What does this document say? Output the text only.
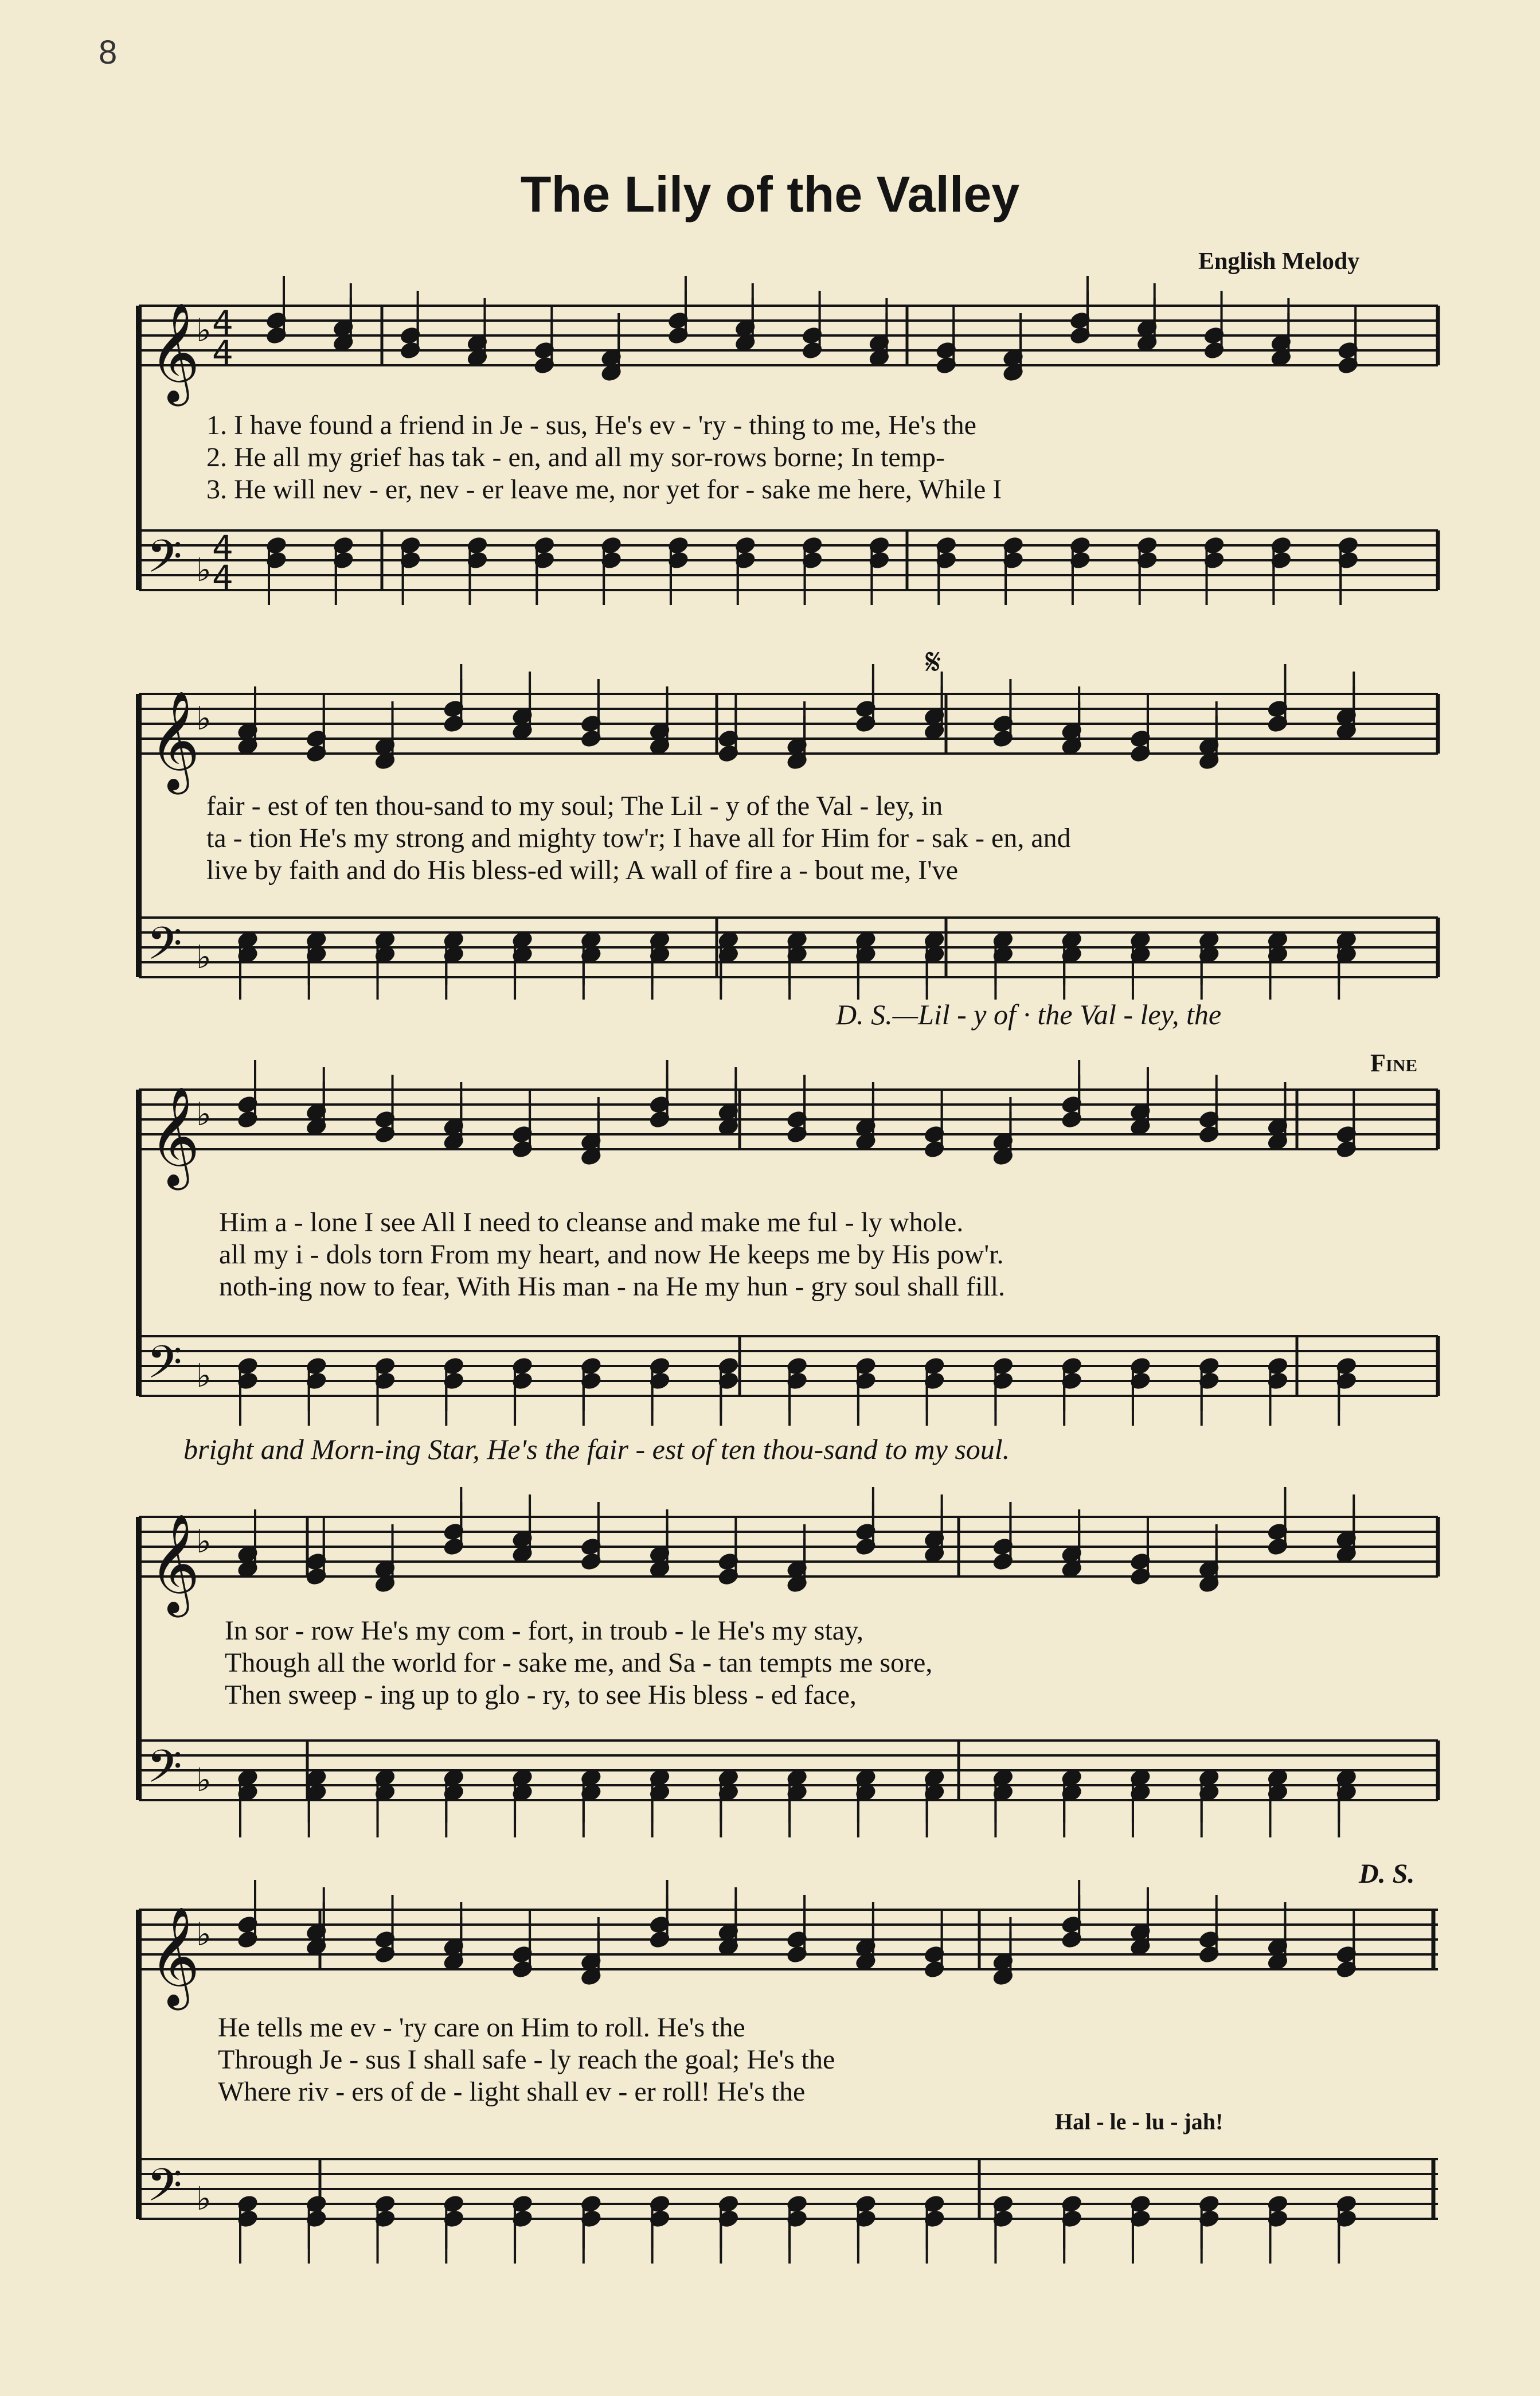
8
The Lily of the Valley
English Melody
𝄞
𝄢
♭
♭
4
4
4
4
𝄞
𝄢
♭
♭
𝄞
𝄢
♭
♭
𝄞
𝄢
♭
♭
𝄞
𝄢
♭
♭
1. I have found a friend in Je - sus, He's ev - 'ry - thing to me, He's the
2. He all my grief has tak - en, and all my sor-rows borne; In temp-
3. He will nev - er, nev - er leave me, nor yet for - sake me here, While I
fair - est of ten thou-sand to my soul; The Lil - y of the Val - ley, in
ta - tion He's my strong and mighty tow'r; I have all for Him for - sak - en, and
live by faith and do His bless-ed will; A wall of fire a - bout me, I've
D. S.—Lil - y of · the Val - ley, the
Fine
𝄋
Him a - lone I see All I need to cleanse and make me ful - ly whole.
all my i - dols torn From my heart, and now He keeps me by His pow'r.
noth-ing now to fear, With His man - na He my hun - gry soul shall fill.
bright and Morn-ing Star, He's the fair - est of ten thou-sand to my soul.
In sor - row He's my com - fort, in troub - le He's my stay,
Though all the world for - sake me, and Sa - tan tempts me sore,
Then sweep - ing up to glo - ry, to see His bless - ed face,
D. S.
He tells me ev - 'ry care on Him to roll. He's the
Through Je - sus I shall safe - ly reach the goal; He's the
Where riv - ers of de - light shall ev - er roll! He's the
Hal - le - lu - jah!
